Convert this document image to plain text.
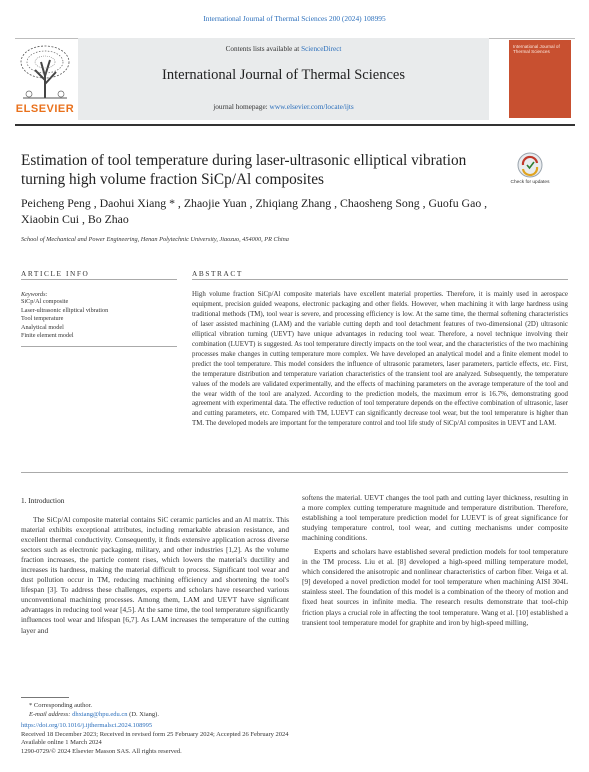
International Journal of Thermal Sciences 200 (2024) 108995
ELSEVIER
Contents lists available at ScienceDirect
International Journal of Thermal Sciences
journal homepage: www.elsevier.com/locate/ijts
International Journal of Thermal Sciences
Estimation of tool temperature during laser-ultrasonic elliptical vibration turning high volume fraction SiCp/Al composites	Check for updates
Peicheng Peng , Daohui Xiang * , Zhaojie Yuan , Zhiqiang Zhang , Chaosheng Song , Guofu Gao , Xiaobin Cui , Bo Zhao
School of Mechanical and Power Engineering, Henan Polytechnic University, Jiaozuo, 454000, PR China
ARTICLE INFO	ABSTRACT
Keywords:
SiCp/Al composite
Laser-ultrasonic elliptical vibration
Tool temperature
Analytical model
Finite element model
High volume fraction SiCp/Al composite materials have excellent material properties. Therefore, it is mainly used in aerospace equipment, precision guided weapons, electronic packaging and other fields. However, when machining it with large hardness using traditional methods (TM), tool wear is severe, and processing efficiency is low. At the same time, the thermal softening characteristics of laser assisted machining (LAM) and the variable cutting depth and tool detachment features of two-dimensional (2D) ultrasonic elliptical vibration turning (UEVT) have unique advantages in reducing tool wear. Therefore, a novel technique involving their combination (LUEVT) is suggested. As tool temperature directly impacts on the tool wear, and the characteristics of the two machining processes make changes in cutting temperature more complex. We have developed an analytical model and a finite element model to predict the tool temperature. This model considers the influence of ultrasonic parameters, laser parameters, particle effects, etc. First, the temperature distribution and temperature variation characteristics of the transient tool are analyzed. Subsequently, the temperature values of the models are validated experimentally, and the effects of machining parameters on the average temperature of the tool and the wear width of the tool are analyzed. According to the prediction models, the maximum error is 16.7%, demonstrating good agreement with experimental data. The effective reduction of tool temperature depends on the effective combination of ultrasonic, laser and cutting parameters, etc. Compared with TM, LUEVT can significantly decrease tool wear, but the tool temperature is higher than TM. The developed models are important for the temperature control and tool life study of SiCp/Al composites in UEVT and LAM.
1. Introduction

The SiCp/Al composite material contains SiC ceramic particles and an Al matrix. This material exhibits exceptional attributes, including remarkable abrasion resistance, and excellent thermal conductivity. Consequently, it finds extensive application across diverse sectors such as electronic packaging, military, and other industries [1,2]. As the volume fraction increases, the particle content rises, which lowers the material's ductility and increases its hardness, making the material difficult to process. Significant tool wear and dust pollution occur in TM, reducing machining efficiency and shortening the tool's lifespan [3]. To address these challenges, experts and scholars have researched various unconventional machining processes. Among them, LAM and UEVT have significant advantages in reducing tool wear [4,5]. At the same time, the tool temperature significantly influences tool wear and lifespan [6,7]. As LAM increases the temperature of the cutting layer and

softens the material. UEVT changes the tool path and cutting layer thickness, resulting in a more complex cutting temperature magnitude and temperature distribution. Therefore, establishing a tool temperature prediction model for LUEVT is of great significance for studying temperature control, tool wear, and cutting mechanisms under composite machining conditions.

Experts and scholars have established several prediction models for tool temperature in the TM process. Liu et al. [8] developed a high-speed milling temperature model, which considered the anisotropic and nonlinear characteristics of carbon fiber. Veiga et al. [9] developed a novel prediction model for tool temperature when machining AISI 304L stainless steel. The foundation of this model is a combination of the theory of motion and fixed heat sources in infinite media. The research results demonstrate that tool-chip friction plays a crucial role in affecting the tool temperature. Wang et al. [10] established a transient tool temperature model for graphite and iron by high-speed milling,

* Corresponding author.
E-mail address: dhxiang@hpu.edu.cn (D. Xiang).
https://doi.org/10.1016/j.ijthermalsci.2024.108995
Received 18 December 2023; Received in revised form 25 February 2024; Accepted 26 February 2024
Available online 1 March 2024
1290-0729/© 2024 Elsevier Masson SAS. All rights reserved.
